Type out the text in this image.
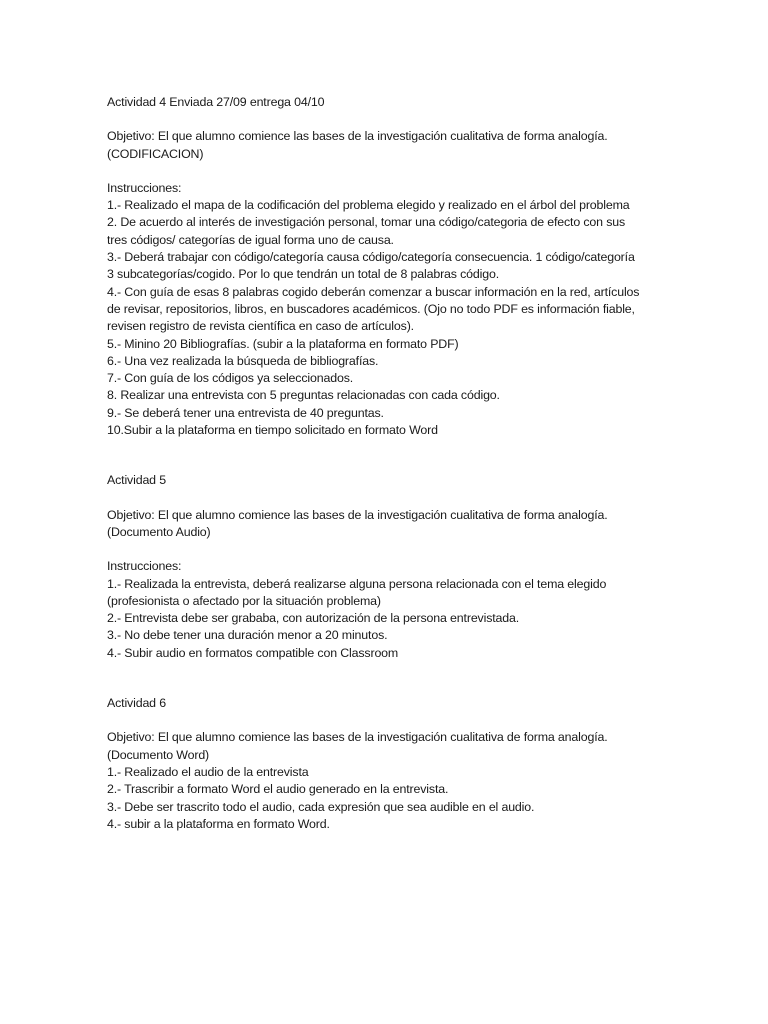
Actividad 4 Enviada 27/09 entrega 04/10
Objetivo: El que alumno comience las bases de la investigación cualitativa de forma analogía.
(CODIFICACION)
Instrucciones:
1.- Realizado el mapa de la codificación del problema elegido y realizado en el árbol del problema
2. De acuerdo al interés de investigación personal, tomar una código/categoria de efecto con sus
tres códigos/ categorías de igual forma uno de causa.
3.- Deberá trabajar con código/categoría causa código/categoría consecuencia. 1 código/categoría
3 subcategorías/cogido. Por lo que tendrán un total de 8 palabras código.
4.- Con guía de esas 8 palabras cogido deberán comenzar a buscar información en la red, artículos
de revisar, repositorios, libros, en buscadores académicos. (Ojo no todo PDF es información fiable,
revisen registro de revista científica en caso de artículos).
5.- Minino 20 Bibliografías. (subir a la plataforma en formato PDF)
6.- Una vez realizada la búsqueda de bibliografías.
7.- Con guía de los códigos ya seleccionados.
8. Realizar una entrevista con 5 preguntas relacionadas con cada código.
9.- Se deberá tener una entrevista de 40 preguntas.
10.Subir a la plataforma en tiempo solicitado en formato Word
Actividad 5
Objetivo: El que alumno comience las bases de la investigación cualitativa de forma analogía.
(Documento Audio)
Instrucciones:
1.- Realizada la entrevista, deberá realizarse alguna persona relacionada con el tema elegido
(profesionista o afectado por la situación problema)
2.- Entrevista debe ser grababa, con autorización de la persona entrevistada.
3.- No debe tener una duración menor a 20 minutos.
4.- Subir audio en formatos compatible con Classroom
Actividad 6
Objetivo: El que alumno comience las bases de la investigación cualitativa de forma analogía.
(Documento Word)
1.- Realizado el audio de la entrevista
2.- Trascribir a formato Word el audio generado en la entrevista.
3.- Debe ser trascrito todo el audio, cada expresión que sea audible en el audio.
4.- subir a la plataforma en formato Word.
